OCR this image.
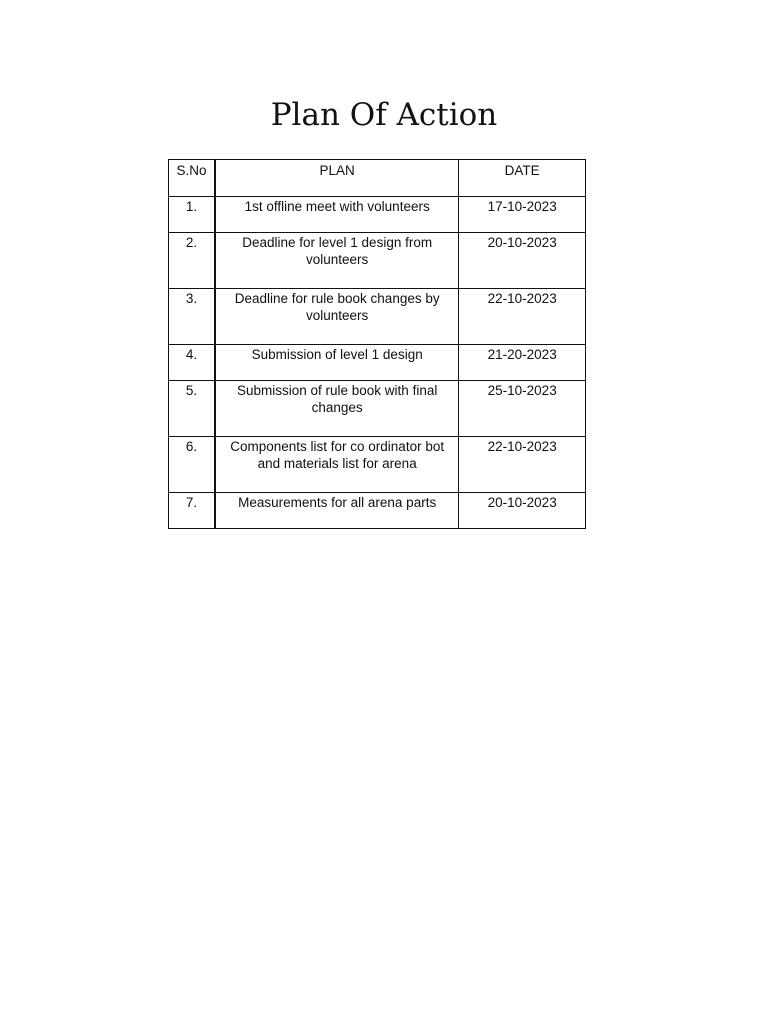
Plan Of Action
S.No	PLAN	DATE
1.	1st offline meet with volunteers	17-10-2023
2.	Deadline for level 1 design from volunteers	20-10-2023
3.	Deadline for rule book changes by volunteers	22-10-2023
4.	Submission of level 1 design	21-20-2023
5.	Submission of rule book with final changes	25-10-2023
6.	Components list for co ordinator bot and materials list for arena	22-10-2023
7.	Measurements for all arena parts	20-10-2023
